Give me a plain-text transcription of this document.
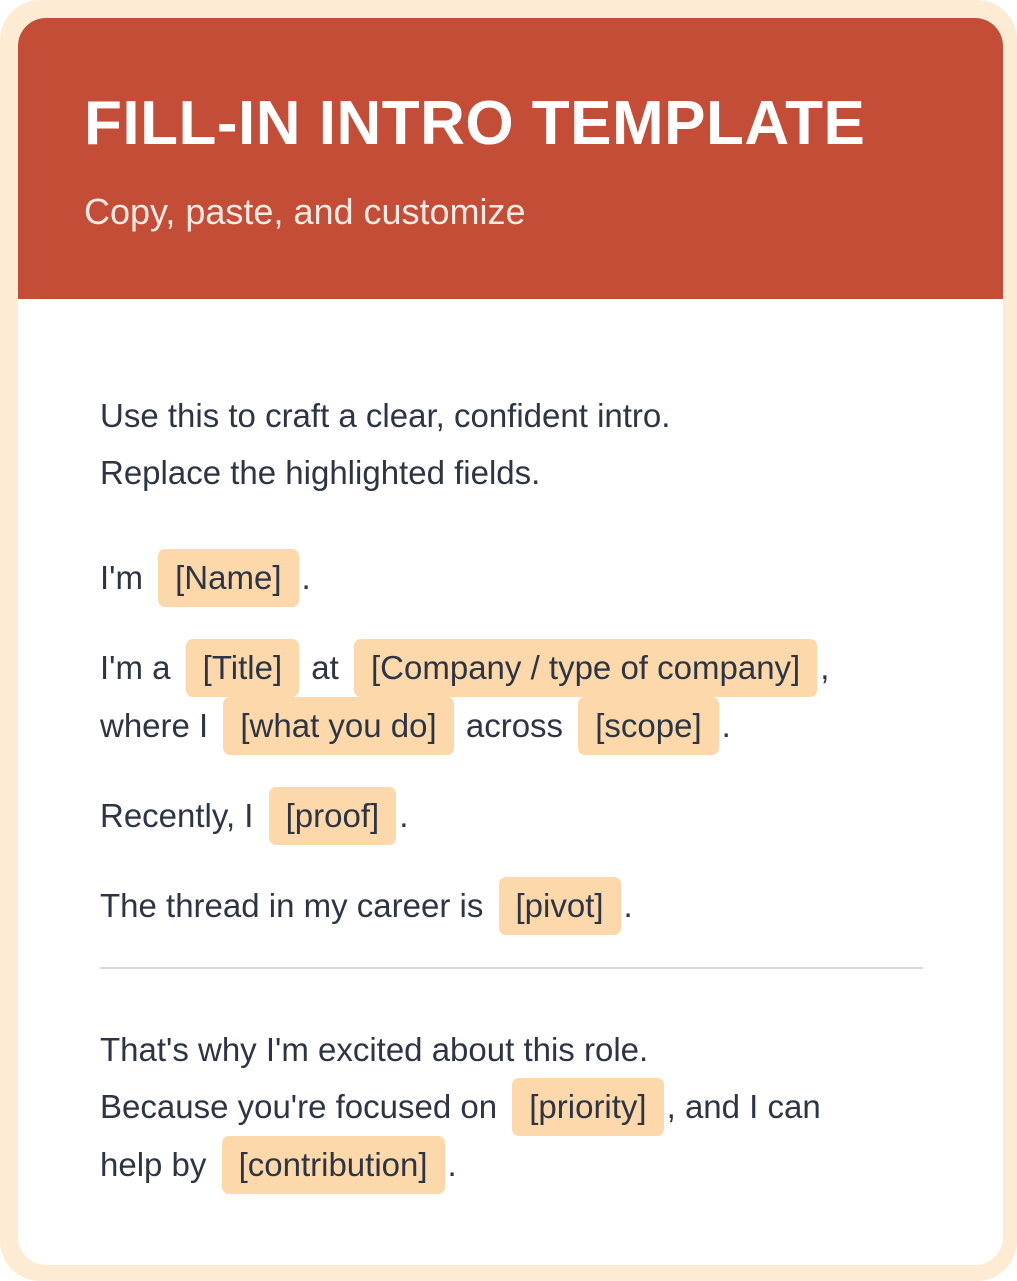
FILL-IN INTRO TEMPLATE

Copy, paste, and customize

Use this to craft a clear, confident intro.

Replace the highlighted fields.

I'm [Name] .

I'm a [Title] at [Company / type of company] ,
where I [what you do] across [scope] .

Recently, I [proof] .

The thread in my career is [pivot] .

That's why I'm excited about this role.

Because you're focused on [priority] , and I can
help by [contribution] .
